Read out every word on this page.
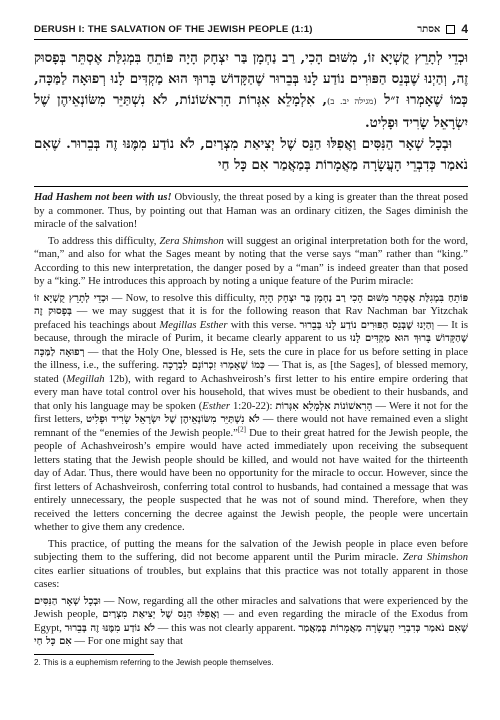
DERUSH I: THE SALVATION OF THE JEWISH PEOPLE (1:1)	אסתר 4

וּכְדֵי לְתָרֵץ קֻשְׁיָא זוֹ, מִשּׁוּם הָכִי, רַב נַחְמָן בַּר יִצְחָק הָיָה פּוֹתֵחַ בִּמְגִלַּת אֶסְתֵּר בְּפָסוּק זֶה, וְהַיְנוּ שֶׁבְּנֵס הַפּוּרִים נוֹדַע לָנוּ בְּבֵרוּר שֶׁהַקָּדוֹשׁ בָּרוּךְ הוּא מַקְדִּים לָנוּ רְפוּאָה לַמַּכָּה, כְּמוֹ שֶׁאָמְרוּ ז״ל (מגילה יב. ב), אִלְמָלֵא אִגְּרוֹת הָרִאשׁוֹנוֹת, לֹא נִשְׁתַּיֵּר מִשּׂוֹנְאֵיהֶן שֶׁל יִשְׂרָאֵל שָׂרִיד וּפָלִיט.

וּבְכָל שְׁאָר הַנִּסִּים וַאֲפִלּוּ הַנֵּס שֶׁל יְצִיאַת מִצְרַיִם, לֹא נוֹדַע מִמֶּנּוּ זֶה בְּבֵרוּר. שֶׁאִם נֹאמַר כְּדִבְרֵי הָעֲשָׂרָה מַאֲמָרוֹת בְּמַאֲמַר אִם כָּל חַי

Had Hashem not been with us! Obviously, the threat posed by a king is greater than the threat posed by a commoner. Thus, by pointing out that Haman was an ordinary citizen, the Sages diminish the miracle of the salvation!

To address this difficulty, Zera Shimshon will suggest an original interpretation both for the word, “man,” and also for what the Sages meant by noting that the verse says “man” rather than “king.” According to this new interpretation, the danger posed by a “man” is indeed greater than that posed by a “king.” He introduces this approach by noting a unique feature of the Purim miracle:

וּכְדֵי לְתָרֵץ קֻשְׁיָא זוֹ — Now, to resolve this difficulty, מִשּׁוּם הָכִי רַב נַחְמָן בַּר יִצְחָק הָיָה פּוֹתֵחַ בִּמְגִלַּת אֶסְתֵּר בְּפָסוּק זֶה — we may suggest that it is for the following reason that Rav Nachman bar Yitzchak prefaced his teachings about Megillas Esther with this verse. וְהַיְנוּ שֶׁבְּנֵס הַפּוּרִים נוֹדַע לָנוּ בְּבֵרוּר — It is because, through the miracle of Purim, it became clearly apparent to us שֶׁהַקָּדוֹשׁ בָּרוּךְ הוּא מַקְדִּים לָנוּ רְפוּאָה לַמַּכָּה — that the Holy One, blessed is He, sets the cure in place for us before setting in place the illness, i.e., the suffering. כְּמוֹ שֶׁאָמְרוּ זִכְרוֹנָם לִבְרָכָה — That is, as [the Sages], of blessed memory, stated (Megillah 12b), with regard to Achashveirosh’s first letter to his entire empire ordering that every man have total control over his household, that wives must be obedient to their husbands, and that only his language may be spoken (Esther 1:20-22): אִלְמָלֵא אִגְּרוֹת הָרִאשׁוֹנוֹת — Were it not for the first letters, לֹא נִשְׁתַּיֵּר מִשּׂוֹנְאֵיהֶן שֶׁל יִשְׂרָאֵל שָׂרִיד וּפָלִיט — there would not have remained even a slight remnant of the “enemies of the Jewish people.”[2] Due to their great hatred for the Jewish people, the people of Achashveirosh’s empire would have acted immediately upon receiving the subsequent letters stating that the Jewish people should be killed, and would not have waited for the thirteenth day of Adar. Thus, there would have been no opportunity for the miracle to occur. However, since the first letters of Achashveirosh, conferring total control to husbands, had contained a message that was entirely unnecessary, the people suspected that he was not of sound mind. Therefore, when they received the letters concerning the decree against the Jewish people, the people were uncertain whether to give them any credence.

This practice, of putting the means for the salvation of the Jewish people in place even before subjecting them to the suffering, did not become apparent until the Purim miracle. Zera Shimshon cites earlier situations of troubles, but explains that this practice was not totally apparent in those cases:

וּבְכָל שְׁאָר הַנִּסִּים — Now, regarding all the other miracles and salvations that were experienced by the Jewish people, וַאֲפִלּוּ הַנֵּס שֶׁל יְצִיאַת מִצְרַיִם — and even regarding the miracle of the Exodus from Egypt, לֹא נוֹדַע מִמֶּנּוּ זֶה בְּבֵרוּר — this was not clearly apparent. שֶׁאִם נֹאמַר כְּדִבְרֵי הָעֲשָׂרָה מַאֲמָרוֹת בְּמַאֲמַר אִם כָּל חַי — For one might say that

2. This is a euphemism referring to the Jewish people themselves.
